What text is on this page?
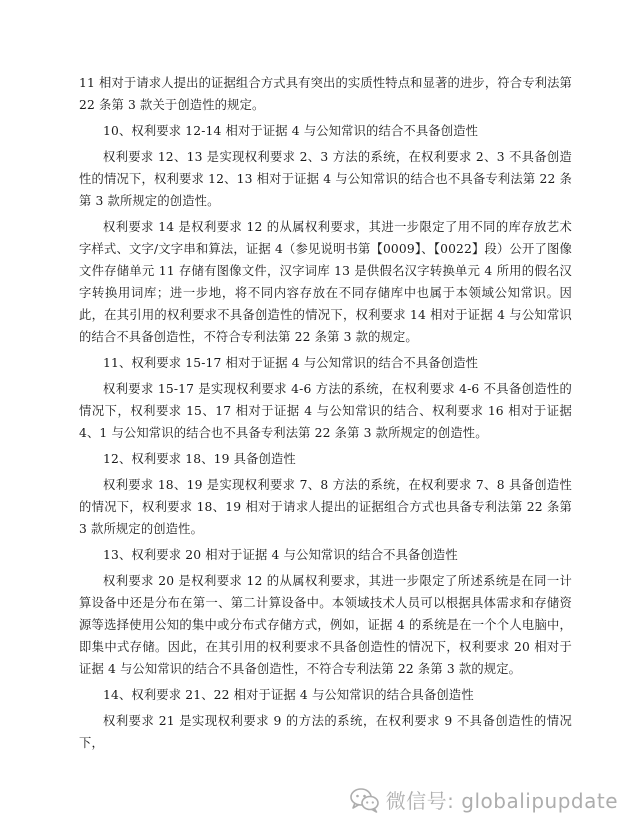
11 相对于请求人提出的证据组合方式具有突出的实质性特点和显著的进步，符合专利法第 22 条第 3 款关于创造性的规定。

10、权利要求 12-14 相对于证据 4 与公知常识的结合不具备创造性

权利要求 12、13 是实现权利要求 2、3 方法的系统，在权利要求 2、3 不具备创造性的情况下，权利要求 12、13 相对于证据 4 与公知常识的结合也不具备专利法第 22 条第 3 款所规定的创造性。

权利要求 14 是权利要求 12 的从属权利要求，其进一步限定了用不同的库存放艺术字样式、文字/文字串和算法，证据 4（参见说明书第【0009】、【0022】段）公开了图像文件存储单元 11 存储有图像文件，汉字词库 13 是供假名汉字转换单元 4 所用的假名汉字转换用词库；进一步地，将不同内容存放在不同存储库中也属于本领域公知常识。因此，在其引用的权利要求不具备创造性的情况下，权利要求 14 相对于证据 4 与公知常识的结合不具备创造性，不符合专利法第 22 条第 3 款的规定。

11、权利要求 15-17 相对于证据 4 与公知常识的结合不具备创造性

权利要求 15-17 是实现权利要求 4-6 方法的系统，在权利要求 4-6 不具备创造性的情况下，权利要求 15、17 相对于证据 4 与公知常识的结合、权利要求 16 相对于证据 4、1 与公知常识的结合也不具备专利法第 22 条第 3 款所规定的创造性。

12、权利要求 18、19 具备创造性

权利要求 18、19 是实现权利要求 7、8 方法的系统，在权利要求 7、8 具备创造性的情况下，权利要求 18、19 相对于请求人提出的证据组合方式也具备专利法第 22 条第 3 款所规定的创造性。

13、权利要求 20 相对于证据 4 与公知常识的结合不具备创造性

权利要求 20 是权利要求 12 的从属权利要求，其进一步限定了所述系统是在同一计算设备中还是分布在第一、第二计算设备中。本领域技术人员可以根据具体需求和存储资源等选择使用公知的集中或分布式存储方式，例如，证据 4 的系统是在一个个人电脑中，即集中式存储。因此，在其引用的权利要求不具备创造性的情况下，权利要求 20 相对于证据 4 与公知常识的结合不具备创造性，不符合专利法第 22 条第 3 款的规定。

14、权利要求 21、22 相对于证据 4 与公知常识的结合具备创造性

权利要求 21 是实现权利要求 9 的方法的系统，在权利要求 9 不具备创造性的情况下，

微信号: globalipupdate
